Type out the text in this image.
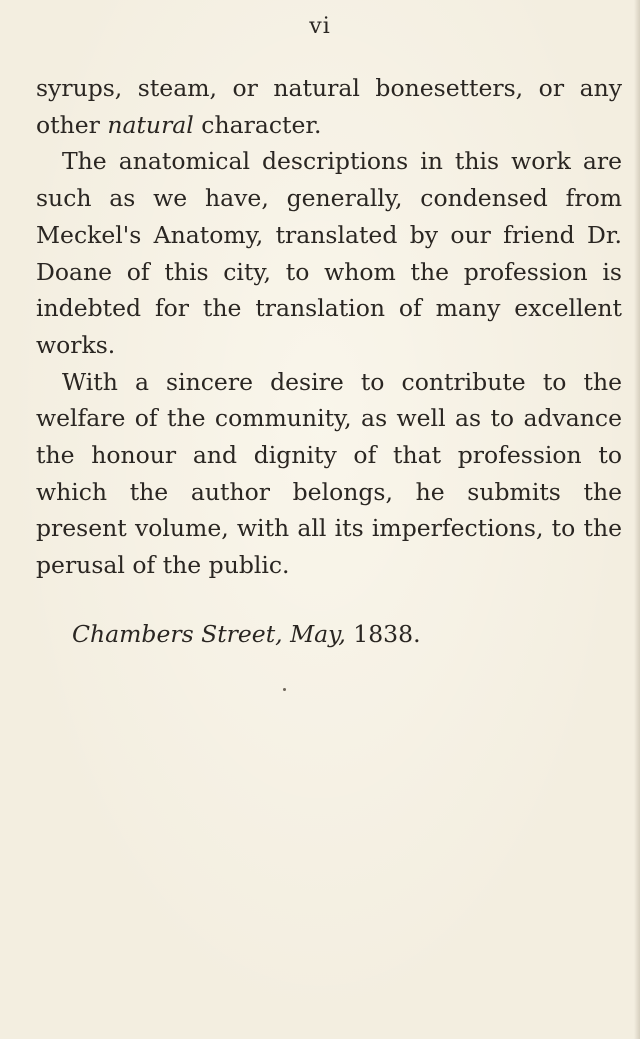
vi

syrups, steam, or natural bonesetters, or any other natural character.

The anatomical descriptions in this work are such as we have, generally, condensed from Meckel's Anatomy, translated by our friend Dr. Doane of this city, to whom the profession is indebted for the translation of many excellent works.

With a sincere desire to contribute to the welfare of the community, as well as to advance the honour and dignity of that profession to which the author belongs, he submits the present volume, with all its imperfections, to the perusal of the public.

Chambers Street, May, 1838.
